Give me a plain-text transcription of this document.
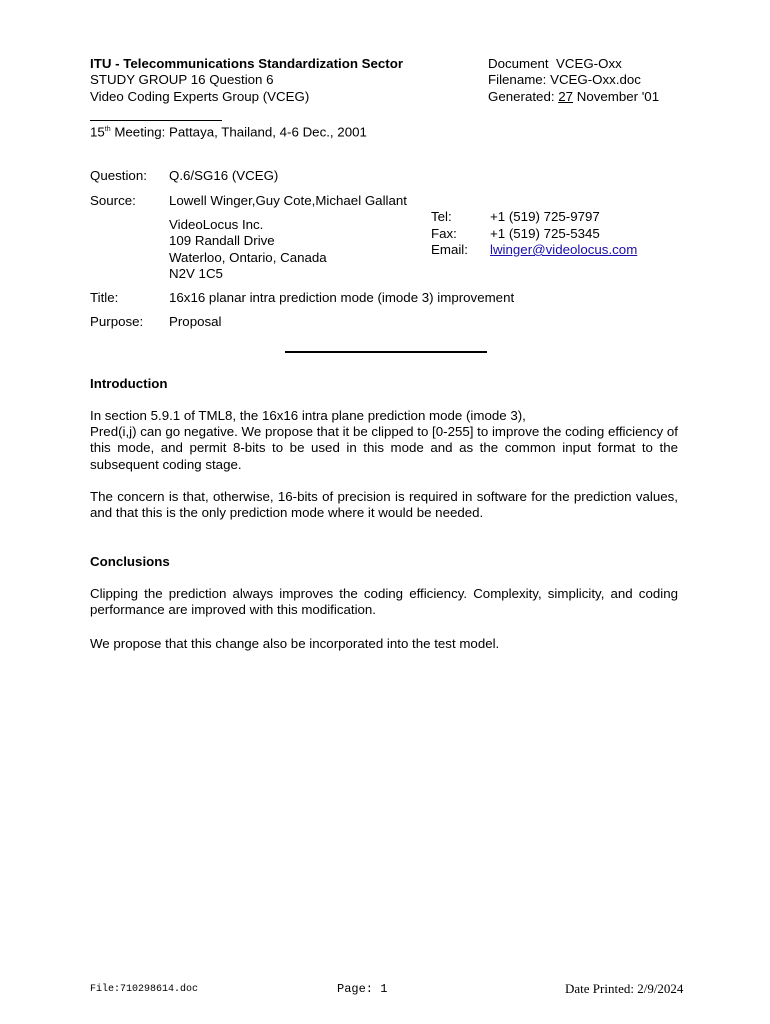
ITU - Telecommunications Standardization Sector
STUDY GROUP 16 Question 6
Video Coding Experts Group (VCEG)
15th Meeting: Pattaya, Thailand, 4-6 Dec., 2001
Document  VCEG-Oxx
Filename: VCEG-Oxx.doc
Generated: 27 November '01
Question: Q.6/SG16 (VCEG)
Source: Lowell Winger,Guy Cote,Michael Gallant
VideoLocus Inc.
109 Randall Drive
Waterloo, Ontario, Canada
N2V 1C5
Tel:	+1 (519) 725-9797
Fax: +1 (519) 725-5345
Email: lwinger@videolocus.com
Title:	16x16 planar intra prediction mode (imode 3) improvement
Purpose: Proposal
Introduction
In section 5.9.1 of TML8, the 16x16 intra plane prediction mode (imode 3),
Pred(i,j) can go negative. We propose that it be clipped to [0-255] to improve the coding efficiency of this mode, and permit 8-bits to be used in this mode and as the common input format to the subsequent coding stage.
The concern is that, otherwise, 16-bits of precision is required in software for the prediction values, and that this is the only prediction mode where it would be needed.
Conclusions
Clipping the prediction always improves the coding efficiency. Complexity, simplicity, and coding performance are improved with this modification.
We propose that this change also be incorporated into the test model.
File:710298614.doc	Page: 1	Date Printed: 2/9/2024
